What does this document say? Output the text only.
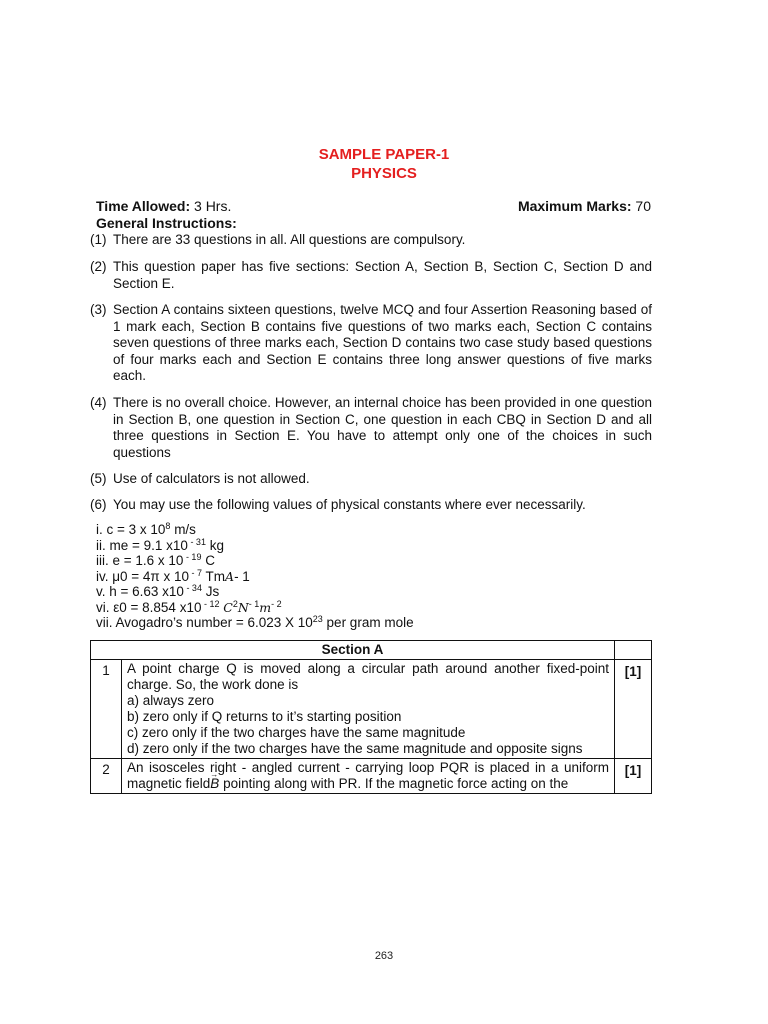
SAMPLE PAPER-1
PHYSICS
Time Allowed: 3 Hrs.	Maximum Marks: 70
General Instructions:
(1) There are 33 questions in all. All questions are compulsory.
(2) This question paper has five sections: Section A, Section B, Section C, Section D and Section E.
(3) Section A contains sixteen questions, twelve MCQ and four Assertion Reasoning based of 1 mark each, Section B contains five questions of two marks each, Section C contains seven questions of three marks each, Section D contains two case study based questions of four marks each and Section E contains three long answer questions of five marks each.
(4) There is no overall choice. However, an internal choice has been provided in one question in Section B, one question in Section C, one question in each CBQ in Section D and all three questions in Section E. You have to attempt only one of the choices in such questions
(5) Use of calculators is not allowed.
(6) You may use the following values of physical constants where ever necessarily.
i. c = 3 x $10^8$ m/s
ii. me = 9.1 x10 $^{- 31}$ kg
iii. e = 1.6 x 10 $^{- 19}$ C
iv. μ0 = 4π x 10 $^{- 7}$ TmA- 1
v. h = 6.63 x10 $^{- 34}$ Js
vi. ε0 = 8.854 x10 $^{- 12}$ $C^2N^{- 1}m^{- 2}$
vii. Avogadro’s number = 6.023 X $10^{23}$ per gram mole
Section A		
1	A point charge Q is moved along a circular path around another fixed-point charge. So, the work done is
a) always zero
b) zero only if Q returns to it’s starting position
c) zero only if the two charges have the same magnitude
d) zero only if the two charges have the same magnitude and opposite signs	[1]
2	An isosceles right - angled current - carrying loop PQR is placed in a uniform magnetic field→ B pointing along with PR. If the magnetic force acting on the	[1]
263
